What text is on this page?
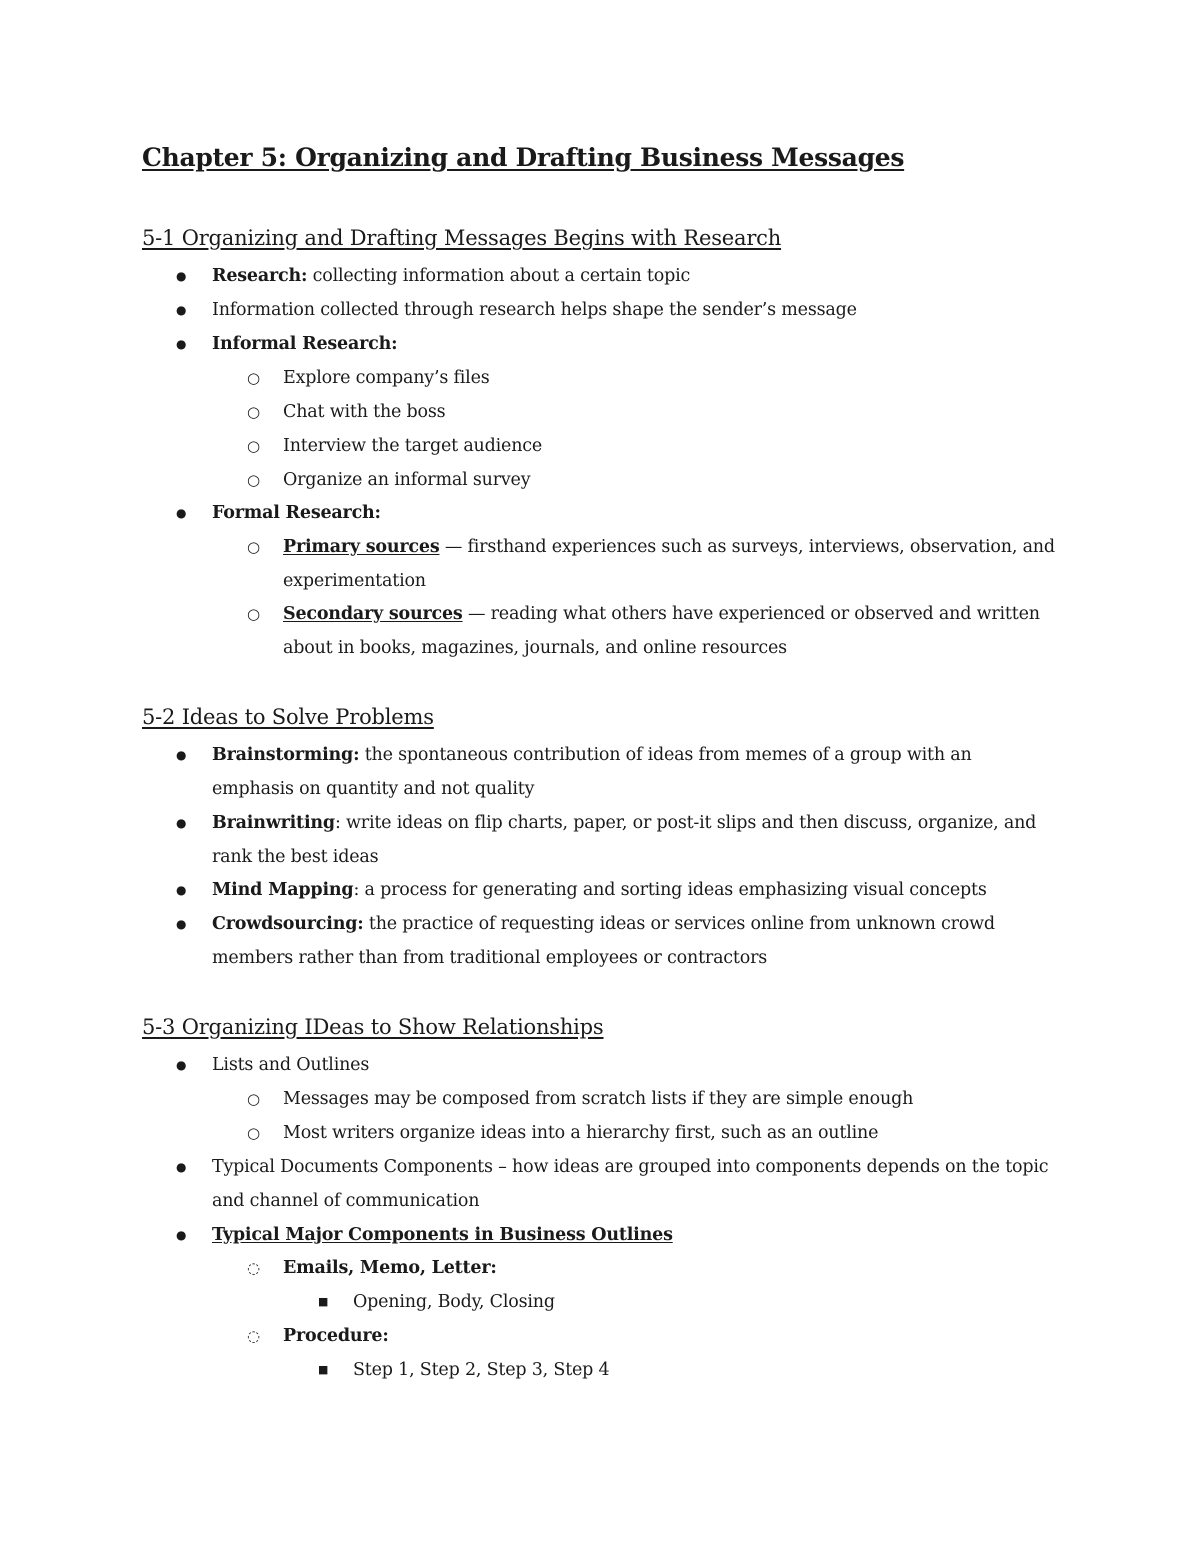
Chapter 5: Organizing and Drafting Business Messages
5-1 Organizing and Drafting Messages Begins with Research
● Research: collecting information about a certain topic
● Information collected through research helps shape the sender’s message
● Informal Research:
○ Explore company’s files
○ Chat with the boss
○ Interview the target audience
○ Organize an informal survey
● Formal Research:
○ Primary sources — firsthand experiences such as surveys, interviews, observation, and
experimentation
○ Secondary sources — reading what others have experienced or observed and written
about in books, magazines, journals, and online resources
5-2 Ideas to Solve Problems
● Brainstorming: the spontaneous contribution of ideas from memes of a group with an
emphasis on quantity and not quality
● Brainwriting: write ideas on flip charts, paper, or post-it slips and then discuss, organize, and
rank the best ideas
● Mind Mapping: a process for generating and sorting ideas emphasizing visual concepts
● Crowdsourcing: the practice of requesting ideas or services online from unknown crowd
members rather than from traditional employees or contractors
5-3 Organizing IDeas to Show Relationships
● Lists and Outlines
○ Messages may be composed from scratch lists if they are simple enough
○ Most writers organize ideas into a hierarchy first, such as an outline
● Typical Documents Components – how ideas are grouped into components depends on the topic
and channel of communication
● Typical Major Components in Business Outlines
◌ Emails, Memo, Letter:
■ Opening, Body, Closing
◌ Procedure:
■ Step 1, Step 2, Step 3, Step 4
